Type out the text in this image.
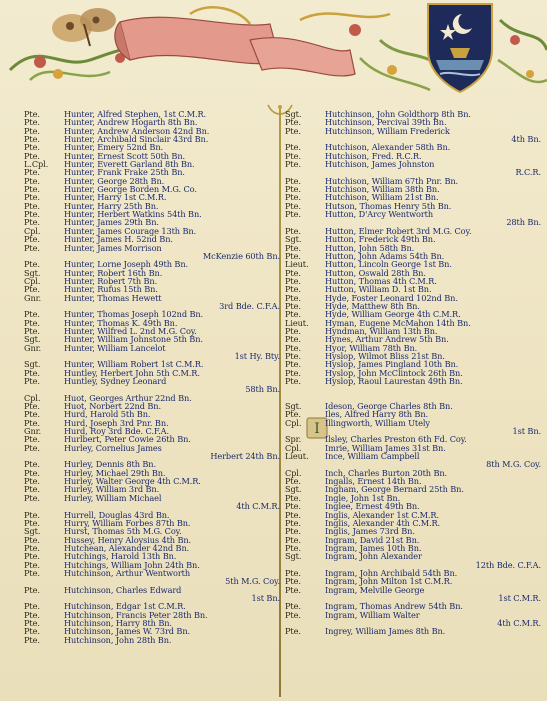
I
Pte.	Hunter, Alfred Stephen, 1st C.M.R.
Pte.	Hunter, Andrew Hogarth 8th Bn.
Pte.	Hunter, Andrew Anderson 42nd Bn.
Pte.	Hunter, Archibald Sinclair 43rd Bn.
Pte.	Hunter, Emery 52nd Bn.
Pte.	Hunter, Ernest Scott 50th Bn.
L.Cpl.	Hunter, Everett Garland 8th Bn.
Pte.	Hunter, Frank Frake 25th Bn.
Pte.	Hunter, George 28th Bn.
Pte.	Hunter, George Borden M.G. Co.
Pte.	Hunter, Harry 1st C.M.R.
Pte.	Hunter, Harry 25th Bn.
Pte.	Hunter, Herbert Watkins 54th Bn.
Pte.	Hunter, James 29th Bn.
Cpl.	Hunter, James Courage 13th Bn.
Pte.	Hunter, James H. 52nd Bn.
Pte.	Hunter, James Morrison
McKenzie 60th Bn.
Pte.	Hunter, Lorne Joseph 49th Bn.
Sgt.	Hunter, Robert 16th Bn.
Cpl.	Hunter, Robert 7th Bn.
Pte.	Hunter, Rufus 15th Bn.
Gnr.	Hunter, Thomas Hewett
3rd Bde. C.F.A.
Pte.	Hunter, Thomas Joseph 102nd Bn.
Pte.	Hunter, Thomas K. 49th Bn.
Pte.	Hunter, Wilfred L. 2nd M.G. Coy.
Sgt.	Hunter, William Johnstone 5th Bn.
Gnr.	Hunter, William Lancelot
1st Hy. Bty.
Sgt.	Hunter, William Robert 1st C.M.R.
Pte.	Huntley, Herbert John 5th C.M.R.
Pte.	Huntley, Sydney Leonard
58th Bn.
Cpl.	Huot, Georges Arthur 22nd Bn.
Pte.	Huot, Norbert 22nd Bn.
Pte.	Hurd, Harold 5th Bn.
Pte.	Hurd, Joseph 3rd Pnr. Bn.
Gnr.	Hurd, Roy 3rd Bde. C.F.A.
Pte.	Hurlbert, Peter Cowie 26th Bn.
Pte.	Hurley, Cornelius James
Herbert 24th Bn.
Pte.	Hurley, Dennis 8th Bn.
Pte.	Hurley, Michael 29th Bn.
Pte.	Hurley, Walter George 4th C.M.R.
Pte.	Hurley, William 3rd Bn.
Pte.	Hurley, William Michael
4th C.M.R.
Pte.	Hurrell, Douglas 43rd Bn.
Pte.	Hurry, William Forbes 87th Bn.
Sgt.	Hurst, Thomas 5th M.G. Coy.
Pte.	Hussey, Henry Aloysius 4th Bn.
Pte.	Hutchean, Alexander 42nd Bn.
Pte.	Hutchings, Harold 13th Bn.
Pte.	Hutchings, William John 24th Bn.
Pte.	Hutchinson, Arthur Wentworth
5th M.G. Coy.
Pte.	Hutchinson, Charles Edward
1st Bn.
Pte.	Hutchinson, Edgar 1st C.M.R.
Pte.	Hutchinson, Francis Peter 28th Bn.
Pte.	Hutchinson, Harry 8th Bn.
Pte.	Hutchinson, James W. 73rd Bn.
Pte.	Hutchinson, John 28th Bn.
Sgt.	Hutchinson, John Goldthorp 8th Bn.
Pte.	Hutchinson, Percival 39th Bn.
Pte.	Hutchinson, William Frederick
4th Bn.
Pte.	Hutchison, Alexander 58th Bn.
Pte.	Hutchison, Fred. R.C.R.
Pte.	Hutchison, James Johnston
R.C.R.
Pte.	Hutchison, William 67th Pnr. Bn.
Pte.	Hutchison, William 38th Bn.
Pte.	Hutchison, William 21st Bn.
Pte.	Hutson, Thomas Henry 5th Bn.
Pte.	Hutton, D'Arcy Wentworth
28th Bn.
Pte.	Hutton, Elmer Robert 3rd M.G. Coy.
Sgt.	Hutton, Frederick 49th Bn.
Pte.	Hutton, John 58th Bn.
Pte.	Hutton, John Adams 54th Bn.
Lieut.	Hutton, Lincoln George 1st Bn.
Pte.	Hutton, Oswald 28th Bn.
Pte.	Hutton, Thomas 4th C.M.R.
Pte.	Hutton, William D. 1st Bn.
Pte.	Hyde, Foster Leonard 102nd Bn.
Pte.	Hyde, Matthew 8th Bn.
Pte.	Hyde, William George 4th C.M.R.
Lieut.	Hyman, Eugene McMahon 14th Bn.
Pte.	Hyndman, William 13th Bn.
Pte.	Hynes, Arthur Andrew 5th Bn.
Pte.	Hyor, William 78th Bn.
Pte.	Hyslop, Wilmot Bliss 21st Bn.
Pte.	Hyslop, James Pingland 10th Bn.
Pte.	Hyslop, John McClintock 26th Bn.
Pte.	Hyslop, Raoul Laurestan 49th Bn.
Sgt.	Ideson, George Charles 8th Bn.
Pte.	Iles, Alfred Harry 8th Bn.
Cpl.	Illingworth, William Utely
1st Bn.
Spr.	Ilsley, Charles Preston 6th Fd. Coy.
Cpl.	Imrie, William James 31st Bn.
Lieut.	Ince, William Campbell
8th M.G. Coy.
Cpl.	Inch, Charles Burton 20th Bn.
Pte.	Ingalls, Ernest 14th Bn.
Sgt.	Ingham, George Bernard 25th Bn.
Pte.	Ingle, John 1st Bn.
Pte.	Inglee, Ernest 49th Bn.
Pte.	Inglis, Alexander 1st C.M.R.
Pte.	Inglis, Alexander 4th C.M.R.
Pte.	Inglis, James 73rd Bn.
Pte.	Ingram, David 21st Bn.
Pte.	Ingram, James 10th Bn.
Sgt.	Ingram, John Alexander
12th Bde. C.F.A.
Pte.	Ingram, John Archibald 54th Bn.
Pte.	Ingram, John Milton 1st C.M.R.
Pte.	Ingram, Melville George
1st C.M.R.
Pte.	Ingram, Thomas Andrew 54th Bn.
Pte.	Ingram, William Walter
4th C.M.R.
Pte.	Ingrey, William James 8th Bn.
